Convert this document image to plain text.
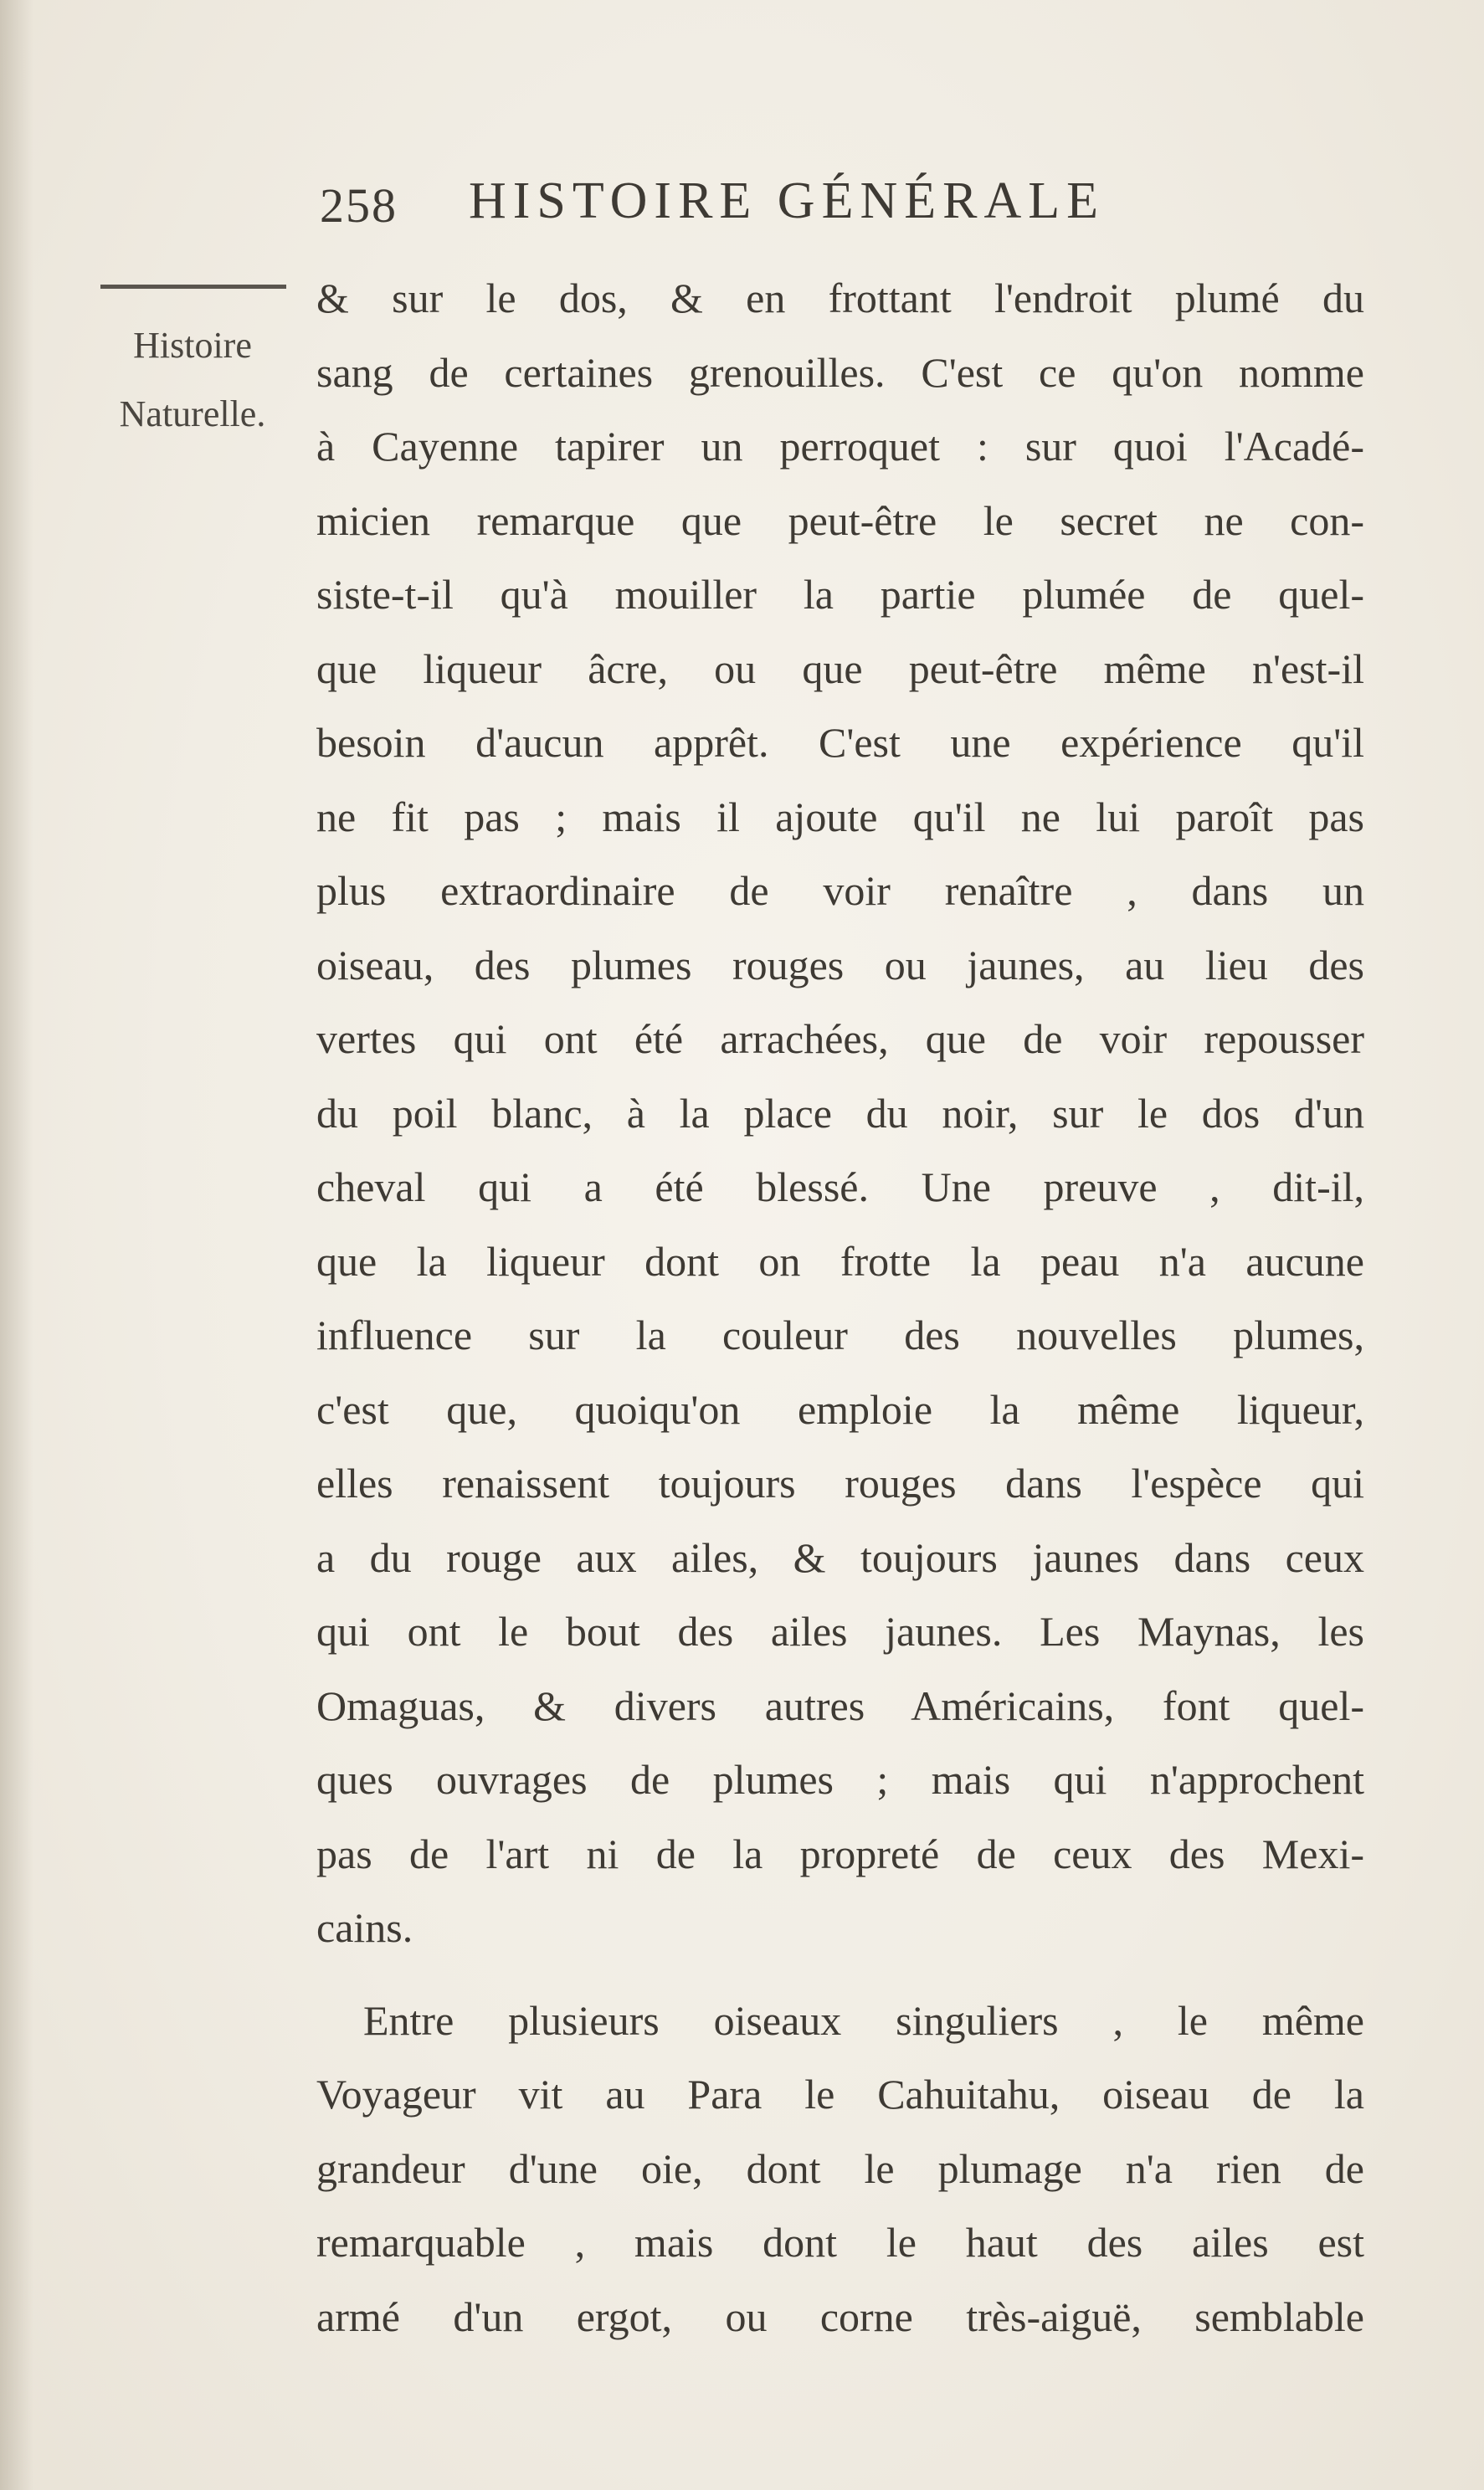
258 HISTOIRE GÉNÉRALE
Histoire
Naturelle.
& sur le dos, & en frottant l'endroit plumé du
sang de certaines grenouilles. C'est ce qu'on nomme
à Cayenne tapirer un perroquet : sur quoi l'Acadé-
micien remarque que peut-être le secret ne con-
siste-t-il qu'à mouiller la partie plumée de quel-
que liqueur âcre, ou que peut-être même n'est-il
besoin d'aucun apprêt. C'est une expérience qu'il
ne fit pas ; mais il ajoute qu'il ne lui paroît pas
plus extraordinaire de voir renaître , dans un
oiseau, des plumes rouges ou jaunes, au lieu des
vertes qui ont été arrachées, que de voir repousser
du poil blanc, à la place du noir, sur le dos d'un
cheval qui a été blessé. Une preuve , dit-il,
que la liqueur dont on frotte la peau n'a aucune
influence sur la couleur des nouvelles plumes,
c'est que, quoiqu'on emploie la même liqueur,
elles renaissent toujours rouges dans l'espèce qui
a du rouge aux ailes, & toujours jaunes dans ceux
qui ont le bout des ailes jaunes. Les Maynas, les
Omaguas, & divers autres Américains, font quel-
ques ouvrages de plumes ; mais qui n'approchent
pas de l'art ni de la propreté de ceux des Mexi-
cains.
Entre plusieurs oiseaux singuliers , le même
Voyageur vit au Para le Cahuitahu, oiseau de la
grandeur d'une oie, dont le plumage n'a rien de
remarquable , mais dont le haut des ailes est
armé d'un ergot, ou corne très-aiguë, semblable
